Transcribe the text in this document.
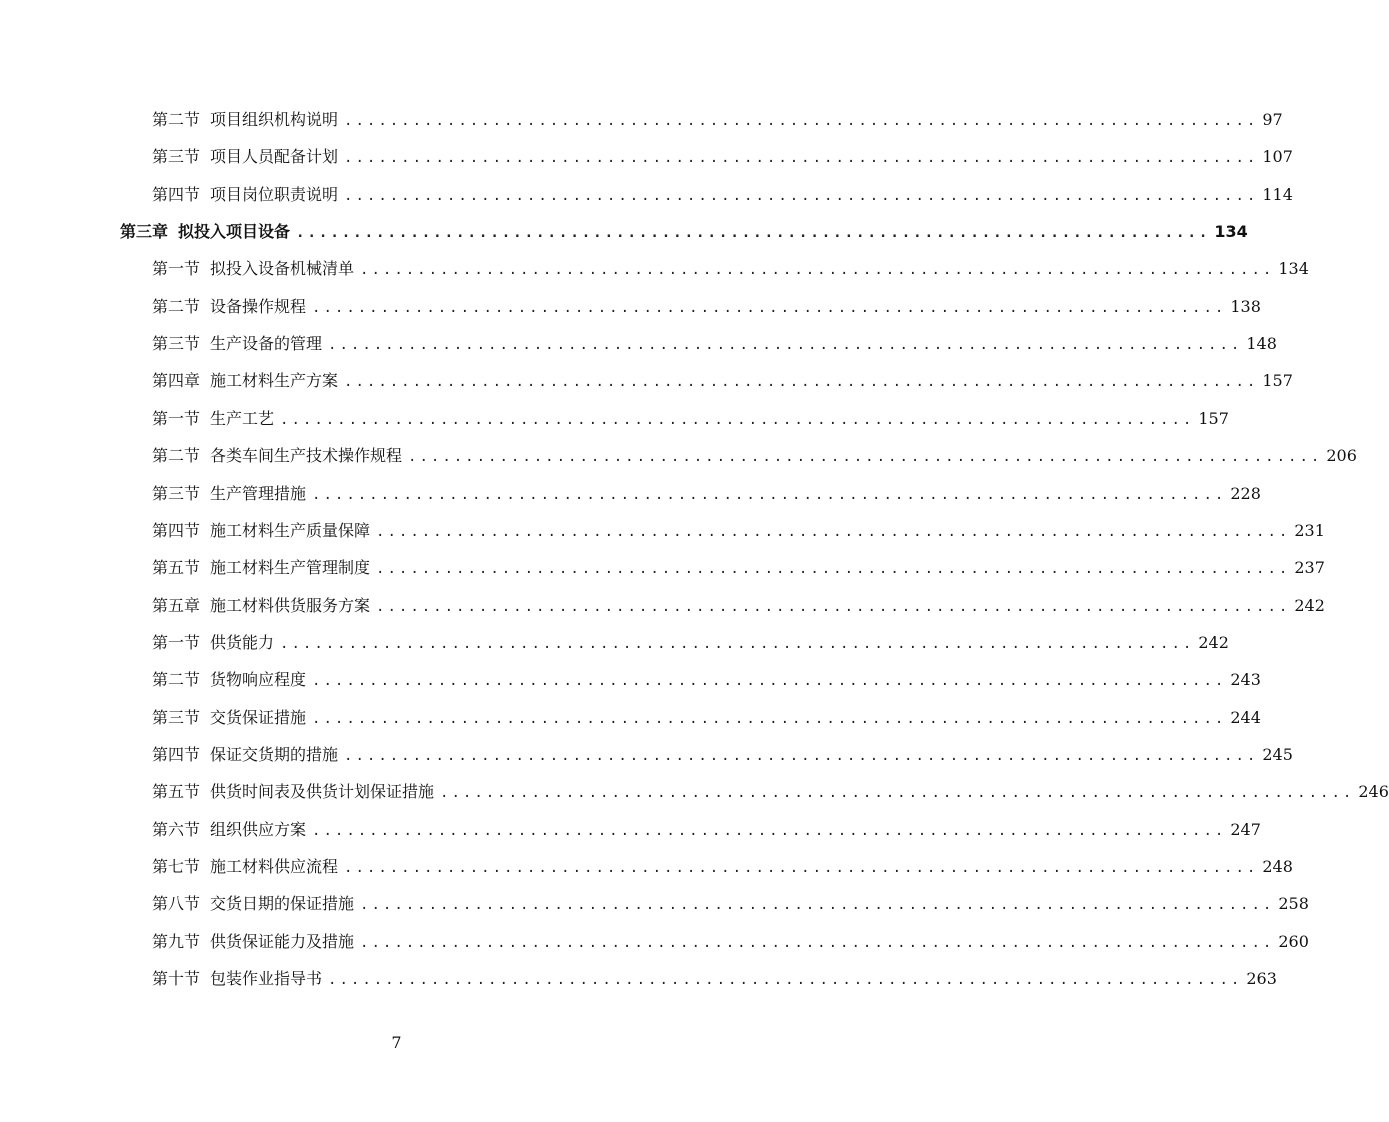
第二节 项目组织机构说明 ................................................................................ 97
第三节 项目人员配备计划 ................................................................................ 107
第四节 项目岗位职责说明 ................................................................................ 114
第三章 拟投入项目设备 ................................................................................ 134
第一节 拟投入设备机械清单 ................................................................................ 134
第二节 设备操作规程 ................................................................................ 138
第三节 生产设备的管理 ................................................................................ 148
第四章 施工材料生产方案 ................................................................................ 157
第一节 生产工艺 ................................................................................ 157
第二节 各类车间生产技术操作规程 ................................................................................ 206
第三节 生产管理措施 ................................................................................ 228
第四节 施工材料生产质量保障 ................................................................................ 231
第五节 施工材料生产管理制度 ................................................................................ 237
第五章 施工材料供货服务方案 ................................................................................ 242
第一节 供货能力 ................................................................................ 242
第二节 货物响应程度 ................................................................................ 243
第三节 交货保证措施 ................................................................................ 244
第四节 保证交货期的措施 ................................................................................ 245
第五节 供货时间表及供货计划保证措施 ................................................................................ 246
第六节 组织供应方案 ................................................................................ 247
第七节 施工材料供应流程 ................................................................................ 248
第八节 交货日期的保证措施 ................................................................................ 258
第九节 供货保证能力及措施 ................................................................................ 260
第十节 包装作业指导书 ................................................................................ 263
7
